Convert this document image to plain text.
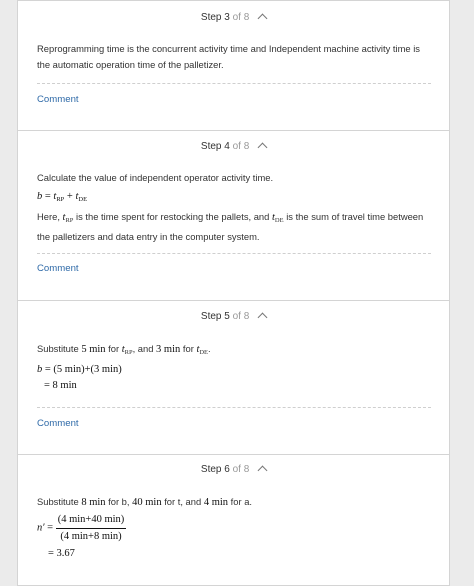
Step 3 of 8
Reprogramming time is the concurrent activity time and Independent machine activity time is the automatic operation time of the palletizer.
Comment
Step 4 of 8
Calculate the value of independent operator activity time.
$b = t_{RP} + t_{DE}$
Here, $t_{RP}$ is the time spent for restocking the pallets, and $t_{DE}$ is the sum of travel time between the palletizers and data entry in the computer system.
Comment
Step 5 of 8
Substitute 5 min for $t_{RP}$, and 3 min for $t_{DE}$.
b = (5 min)+(3 min)
= 8 min
Comment
Step 6 of 8
Substitute 8 min for b, 40 min for t, and 4 min for a.
$n' = \frac{(4 \min+40 \min)}{(4 \min+8 \min)}$
= 3.67
